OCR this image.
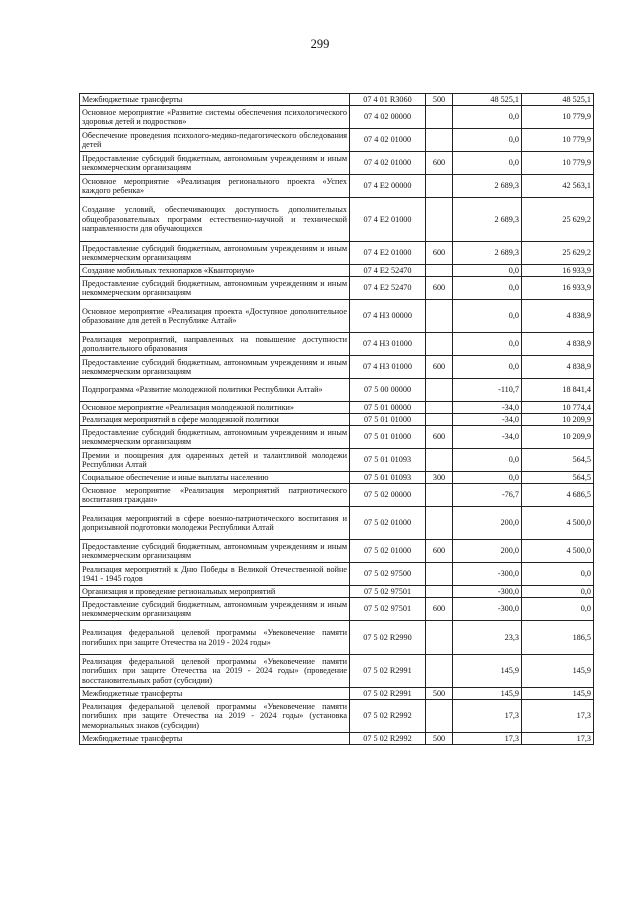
299
Межбюджетные трансферты	07 4 01 R3060	500	48 525,1	48 525,1
Основное мероприятие «Развитие системы обеспечения психологического здоровья детей и подростков»	07 4 02 00000		0,0	10 779,9
Обеспечение проведения психолого-медико-педагогического обследования детей	07 4 02 01000		0,0	10 779,9
Предоставление субсидий бюджетным, автономным учреждениям и иным некоммерческим организациям	07 4 02 01000	600	0,0	10 779,9
Основное мероприятие «Реализация регионального проекта «Успех каждого ребенка»	07 4 E2 00000		2 689,3	42 563,1
Создание условий, обеспечивающих доступность дополнительных общеобразовательных программ естественно-научной и технической направленности для обучающихся	07 4 E2 01000		2 689,3	25 629,2
Предоставление субсидий бюджетным, автономным учреждениям и иным некоммерческим организациям	07 4 E2 01000	600	2 689,3	25 629,2
Создание мобильных технопарков «Кванториум»	07 4 E2 52470		0,0	16 933,9
Предоставление субсидий бюджетным, автономным учреждениям и иным некоммерческим организациям	07 4 E2 52470	600	0,0	16 933,9
Основное мероприятие «Реализация проекта «Доступное дополнительное образование для детей в Республике Алтай»	07 4 Н3 00000		0,0	4 838,9
Реализация мероприятий, направленных на повышение доступности дополнительного образования	07 4 Н3 01000		0,0	4 838,9
Предоставление субсидий бюджетным, автономным учреждениям и иным некоммерческим организациям	07 4 Н3 01000	600	0,0	4 838,9
Подпрограмма «Развитие молодежной политики Республики Алтай»	07 5 00 00000		-110,7	18 841,4
Основное мероприятие «Реализация молодежной политики»	07 5 01 00000		-34,0	10 774,4
Реализация мероприятий в сфере молодежной политики	07 5 01 01000		-34,0	10 209,9
Предоставление субсидий бюджетным, автономным учреждениям и иным некоммерческим организациям	07 5 01 01000	600	-34,0	10 209,9
Премии и поощрения для одаренных детей и талантливой молодежи Республики Алтай	07 5 01 01093		0,0	564,5
Социальное обеспечение и иные выплаты населению	07 5 01 01093	300	0,0	564,5
Основное мероприятие «Реализация мероприятий патриотического воспитания граждан»	07 5 02 00000		-76,7	4 686,5
Реализация мероприятий в сфере военно-патриотического воспитания и допризывной подготовки молодежи Республики Алтай	07 5 02 01000		200,0	4 500,0
Предоставление субсидий бюджетным, автономным учреждениям и иным некоммерческим организациям	07 5 02 01000	600	200,0	4 500,0
Реализация мероприятий к Дню Победы в Великой Отечественной войне 1941 - 1945 годов	07 5 02 97500		-300,0	0,0
Организация и проведение региональных мероприятий	07 5 02 97501		-300,0	0,0
Предоставление субсидий бюджетным, автономным учреждениям и иным некоммерческим организациям	07 5 02 97501	600	-300,0	0,0
Реализация федеральной целевой программы «Увековечение памяти погибших при защите Отечества на 2019 - 2024 годы»	07 5 02 R2990		23,3	186,5
Реализация федеральной целевой программы «Увековечение памяти погибших при защите Отечества на 2019 - 2024 годы» (проведение восстановительных работ (субсидии)	07 5 02 R2991		145,9	145,9
Межбюджетные трансферты	07 5 02 R2991	500	145,9	145,9
Реализация федеральной целевой программы «Увековечение памяти погибших при защите Отечества на 2019 - 2024 годы» (установка мемориальных знаков (субсидии)	07 5 02 R2992		17,3	17,3
Межбюджетные трансферты	07 5 02 R2992	500	17,3	17,3
